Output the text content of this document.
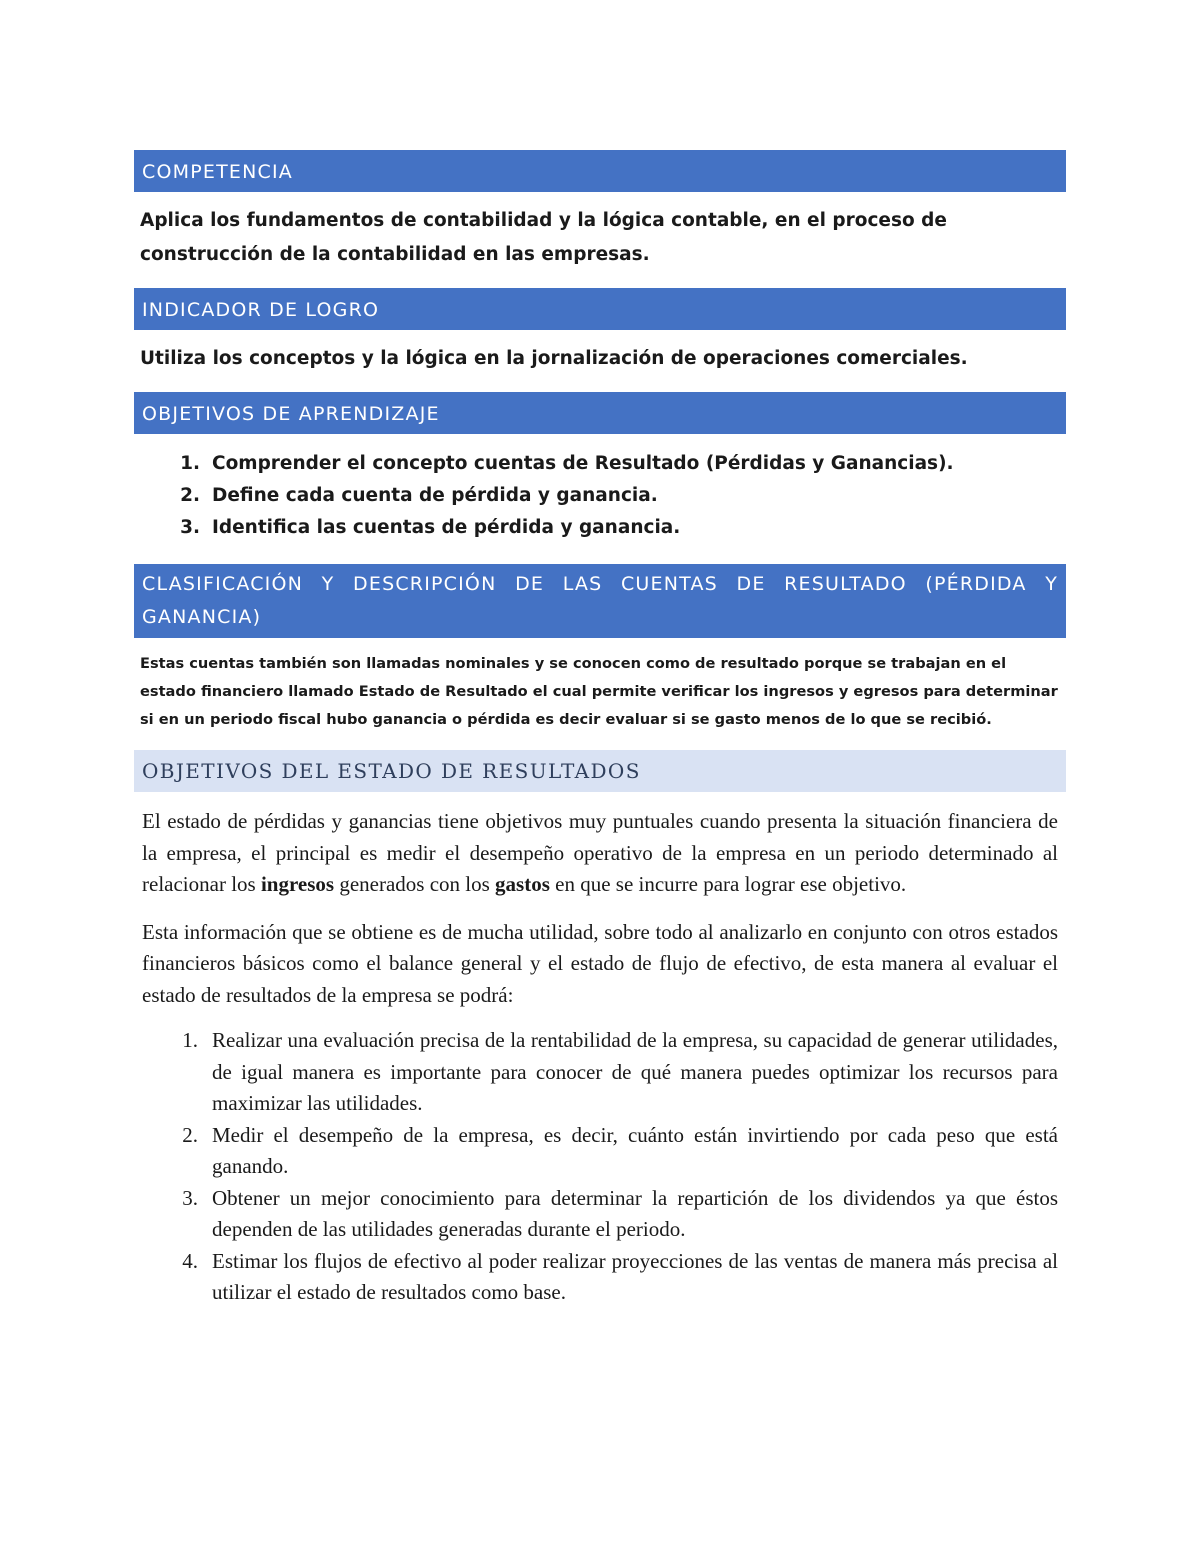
COMPETENCIA

Aplica los fundamentos de contabilidad y la lógica contable, en el proceso de construcción de la contabilidad en las empresas.

INDICADOR DE LOGRO

Utiliza los conceptos y la lógica en la jornalización de operaciones comerciales.

OBJETIVOS DE APRENDIZAJE
1. Comprender el concepto cuentas de Resultado (Pérdidas y Ganancias).
2. Define cada cuenta de pérdida y ganancia.
3. Identifica las cuentas de pérdida y ganancia.
CLASIFICACIÓN Y DESCRIPCIÓN DE LAS CUENTAS DE RESULTADO (PÉRDIDA Y GANANCIA)

Estas cuentas también son llamadas nominales y se conocen como de resultado porque se trabajan en el estado financiero llamado Estado de Resultado el cual permite verificar los ingresos y egresos para determinar si en un periodo fiscal hubo ganancia o pérdida es decir evaluar si se gasto menos de lo que se recibió.

OBJETIVOS DEL ESTADO DE RESULTADOS

El estado de pérdidas y ganancias tiene objetivos muy puntuales cuando presenta la situación financiera de la empresa, el principal es medir el desempeño operativo de la empresa en un periodo determinado al relacionar los ingresos generados con los gastos en que se incurre para lograr ese objetivo.

Esta información que se obtiene es de mucha utilidad, sobre todo al analizarlo en conjunto con otros estados financieros básicos como el balance general y el estado de flujo de efectivo, de esta manera al evaluar el estado de resultados de la empresa se podrá:

1. Realizar una evaluación precisa de la rentabilidad de la empresa, su capacidad de generar utilidades, de igual manera es importante para conocer de qué manera puedes optimizar los recursos para maximizar las utilidades.
2. Medir el desempeño de la empresa, es decir, cuánto están invirtiendo por cada peso que está ganando.
3. Obtener un mejor conocimiento para determinar la repartición de los dividendos ya que éstos dependen de las utilidades generadas durante el periodo.
4. Estimar los flujos de efectivo al poder realizar proyecciones de las ventas de manera más precisa al utilizar el estado de resultados como base.
